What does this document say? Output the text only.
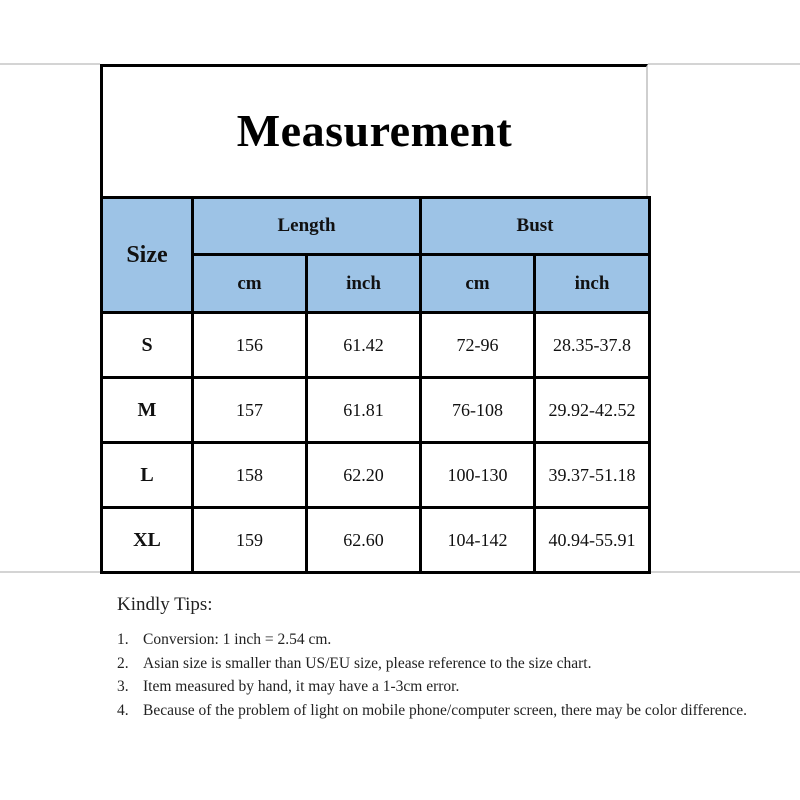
Measurement
Size	Length		Bust	
	cm	inch	cm	inch
S	156	61.42	72-96	28.35-37.8
M	157	61.81	76-108	29.92-42.52
L	158	62.20	100-130	39.37-51.18
XL	159	62.60	104-142	40.94-55.91
Kindly Tips:
1. Conversion: 1 inch = 2.54 cm.
2. Asian size is smaller than US/EU size, please reference to the size chart.
3. Item measured by hand, it may have a 1-3cm error.
4. Because of the problem of light on mobile phone/computer screen, there may be color difference.
